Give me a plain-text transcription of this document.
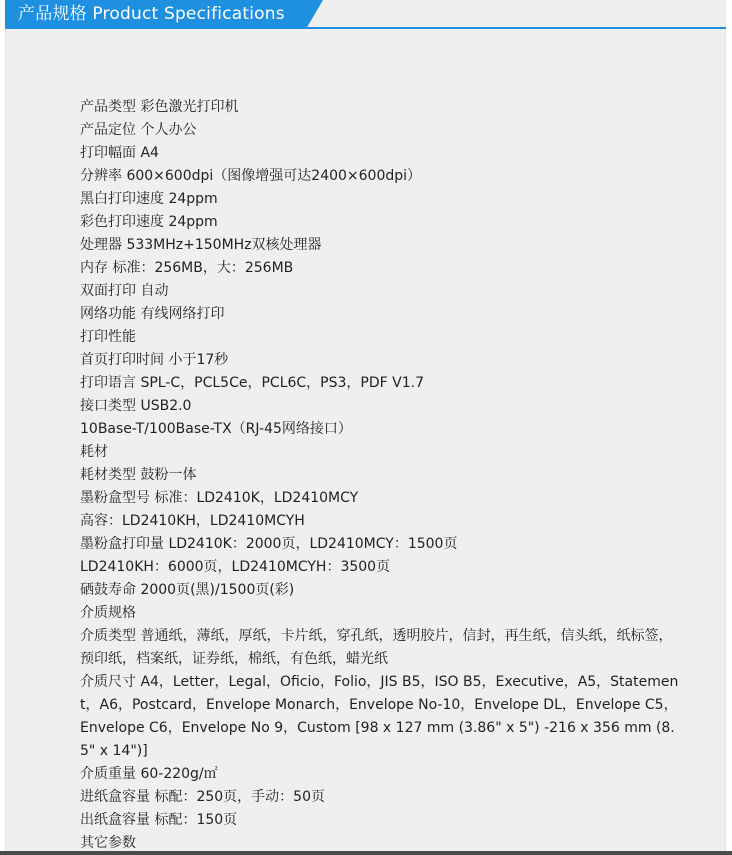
产品规格 Product Specifications
产品类型 彩色激光打印机
产品定位 个人办公
打印幅面 A4
分辨率 600×600dpi（图像增强可达2400×600dpi）
黑白打印速度 24ppm
彩色打印速度 24ppm
处理器 533MHz+150MHz双核处理器
内存 标准：256MB，大：256MB
双面打印 自动
网络功能 有线网络打印
打印性能
首页打印时间 小于17秒
打印语言 SPL-C，PCL5Ce，PCL6C，PS3，PDF V1.7
接口类型 USB2.0
10Base-T/100Base-TX（RJ-45网络接口）
耗材
耗材类型 鼓粉一体
墨粉盒型号 标准：LD2410K，LD2410MCY
高容：LD2410KH，LD2410MCYH
墨粉盒打印量 LD2410K：2000页，LD2410MCY：1500页
LD2410KH：6000页，LD2410MCYH：3500页
硒鼓寿命 2000页(黑)/1500页(彩)
介质规格
介质类型 普通纸，薄纸，厚纸，卡片纸，穿孔纸，透明胶片，信封，再生纸，信头纸，纸标签，预印纸，档案纸，证券纸，棉纸，有色纸，蜡光纸
介质尺寸 A4，Letter，Legal，Oficio，Folio，JIS B5，ISO B5，Executive，A5，Statement，A6，Postcard，Envelope Monarch，Envelope No-10，Envelope DL，Envelope C5，Envelope C6，Envelope No 9，Custom [98 x 127 mm (3.86" x 5") -216 x 356 mm (8.5" x 14")]
介质重量 60-220g/㎡
进纸盒容量 标配：250页，手动：50页
出纸盒容量 标配：150页
其它参数
